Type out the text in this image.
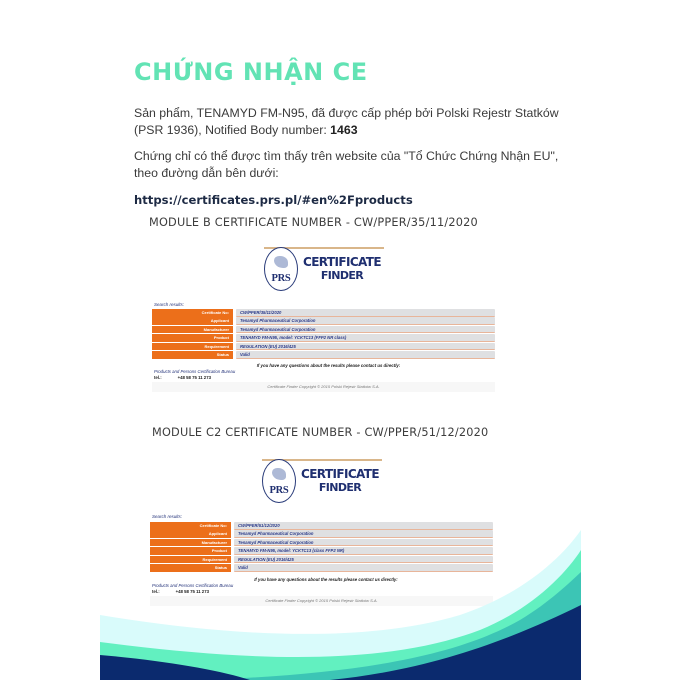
CHỨNG NHẬN CE

Sản phẩm, TENAMYD FM-N95, đã được cấp phép bởi Polski Rejestr Statków (PSR 1936), Notified Body number: 1463

Chứng chỉ có thể được tìm thấy trên website của "Tổ Chức Chứng Nhận EU", theo đường dẫn bên dưới:

https://certificates.prs.pl/#en%2Fproducts
MODULE B CERTIFICATE NUMBER - CW/PPER/35/11/2020
PRS
CERTIFICATE
FINDER
Search results:
Certificate No:	CW/PPER/35/11/2020
Applicant	Tenamyd Pharmaceutical Corporation
Manufacturer	Tenamyd Pharmaceutical Corporation
Product	TENAMYD FM-N95, model: YCKTC13 (FFP2 NR class)
Requirement	REGULATION (EU) 2016/425
Status	Valid
If you have any questions about the results please contact us directly:
Products and Persons Certification Bureau
tel.:	+48 58 75 11 273
Certificate Finder Copyright © 2015 Polski Rejestr Statków S.A.
MODULE C2 CERTIFICATE NUMBER - CW/PPER/51/12/2020
PRS
CERTIFICATE
FINDER
Search results:
Certificate No:	CW/PPER/51/12/2020
Applicant	Tenamyd Pharmaceutical Corporation
Manufacturer	Tenamyd Pharmaceutical Corporation
Product	TENAMYD FM-N95, model: YCKTC13 (class FFP2 NR)
Requirement	REGULATION (EU) 2016/425
Status	Valid
If you have any questions about the results please contact us directly:
Products and Persons Certification Bureau
tel.:	+48 58 75 11 273
Certificate Finder Copyright © 2015 Polski Rejestr Statków S.A.
